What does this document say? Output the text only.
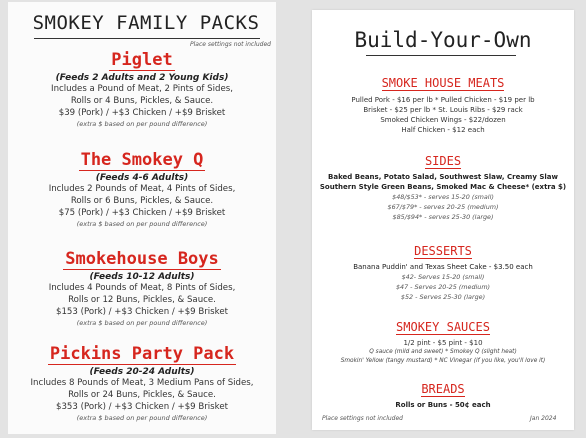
SMOKEY FAMILY PACKS
Place settings not included
Piglet
(Feeds 2 Adults and 2 Young Kids)
Includes a Pound of Meat, 2 Pints of Sides,
Rolls or 4 Buns, Pickles, & Sauce.
$39 (Pork) / +$3 Chicken / +$9 Brisket
(extra $ based on per pound difference)
The Smokey Q
(Feeds 4-6 Adults)
Includes 2 Pounds of Meat, 4 Pints of Sides,
Rolls or 6 Buns, Pickles, & Sauce.
$75 (Pork) / +$3 Chicken / +$9 Brisket
(extra $ based on per pound difference)
Smokehouse Boys
(Feeds 10-12 Adults)
Includes 4 Pounds of Meat, 8 Pints of Sides,
Rolls or 12 Buns, Pickles, & Sauce.
$153 (Pork) / +$3 Chicken / +$9 Brisket
(extra $ based on per pound difference)
Pickins Party Pack
(Feeds 20-24 Adults)
Includes 8 Pounds of Meat, 3 Medium Pans of Sides,
Rolls or 24 Buns, Pickles, & Sauce.
$353 (Pork) / +$3 Chicken / +$9 Brisket
(extra $ based on per pound difference)
Build-Your-Own
SMOKE HOUSE MEATS
Pulled Pork - $16 per lb * Pulled Chicken - $19 per lb
Brisket - $25 per lb * St. Louis Ribs - $29 rack
Smoked Chicken Wings - $22/dozen
Half Chicken - $12 each
SIDES
Baked Beans, Potato Salad, Southwest Slaw, Creamy Slaw
Southern Style Green Beans, Smoked Mac & Cheese* (extra $)
$48/$53* - serves 15-20 (small)
$67/$79* - serves 20-25 (medium)
$85/$94* - serves 25-30 (large)
DESSERTS
Banana Puddin' and Texas Sheet Cake - $3.50 each
$42- Serves 15-20 (small)
$47 - Serves 20-25 (medium)
$52 - Serves 25-30 (large)
SMOKEY SAUCES
1/2 pint - $5 pint - $10
Q sauce (mild and sweet) * Smokey Q (slight heat)
Smokin' Yellow (tangy mustard) * NC Vinegar (if you like, you'll love it)
BREADS
Rolls or Buns - 50¢ each
Place settings not included	Jan 2024
